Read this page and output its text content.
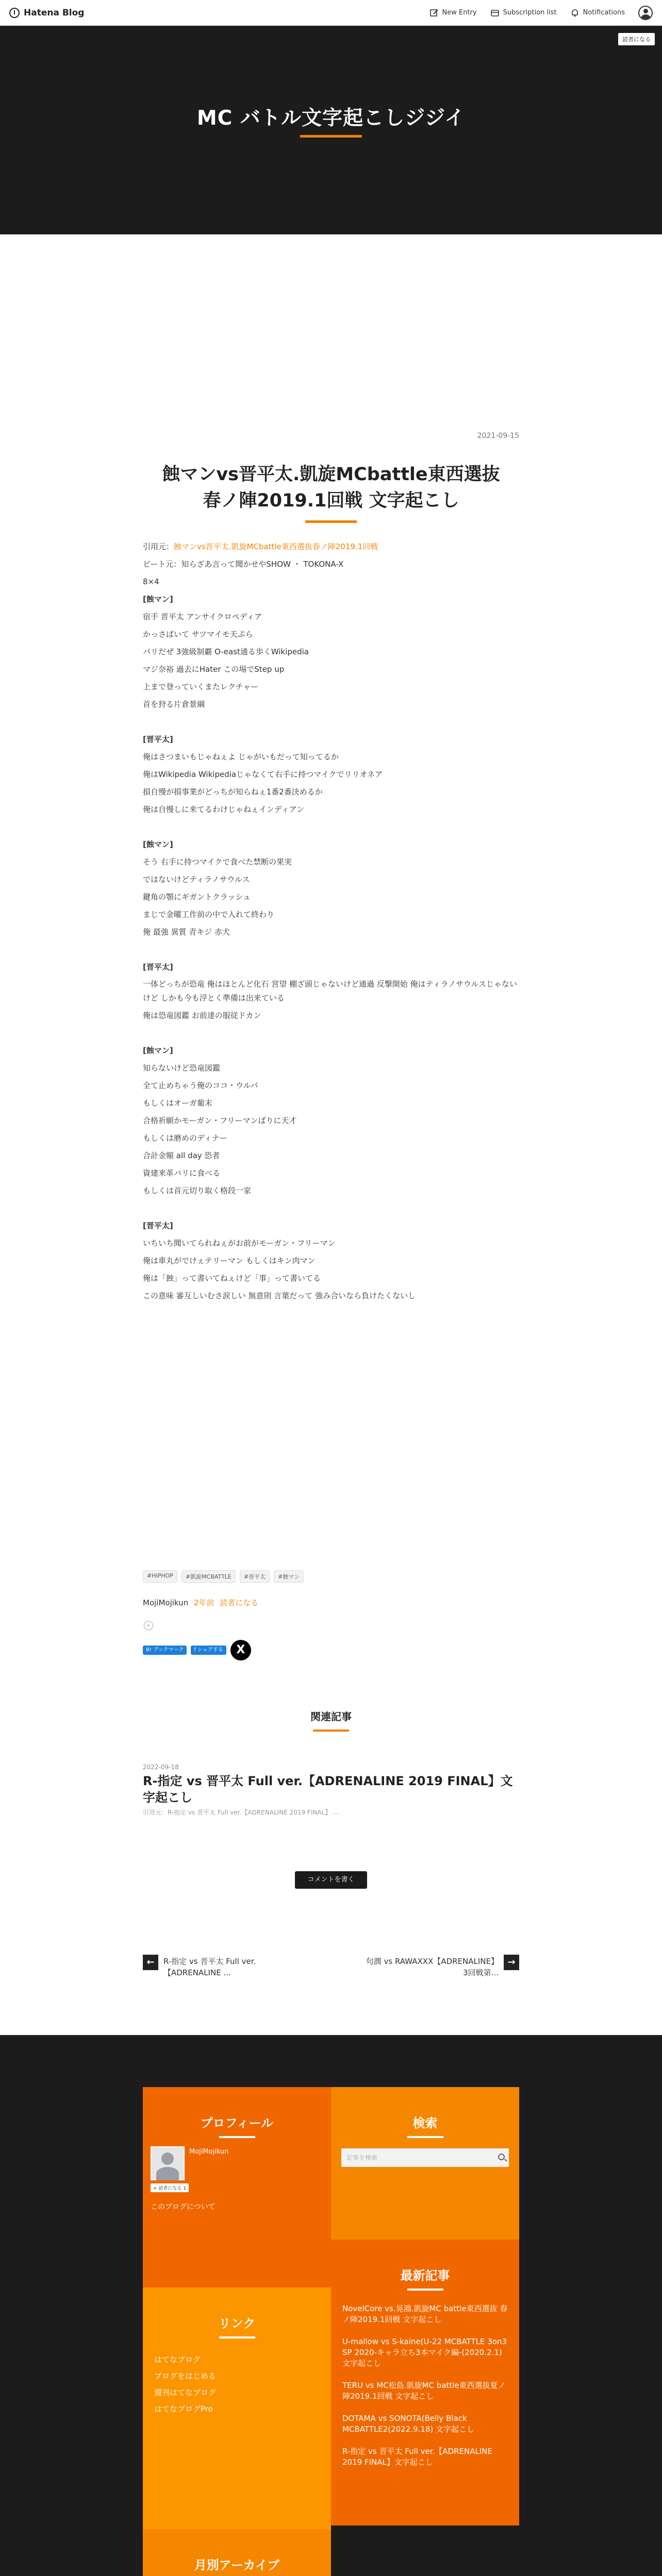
Hatena Blog	New Entry	Subscription list	Notifications
読者になる
MC バトル文字起こしジジイ
2021-09-15
蝕マンvs晋平太.凱旋MCbattle東西選抜
春ノ陣2019.1回戦 文字起こし

引用元：蝕マンvs晋平太.凱旋MCbattle東西選抜春ノ陣2019.1回戦

ビート元：知らざあ言って聞かせやSHOW ・ TOKONA-X

8×4

[蝕マン]

宿手 晋平太 アンサイクロペディア

かっさばいて サツマイモ天ぷら

パリだぜ 3強級制覇 O-east通る歩くWikipedia

マジ奈裕 過去にHater この場でStep up

上まで登っていくまたレクチャー

首を狩る片倉景綱

[晋平太]

俺はさつまいもじゃねぇよ じゃがいもだって知ってるか

俺はWikipedia Wikipediaじゃなくて右手に持つマイクでリリオネア

損自慢が損事業がどっちが知らねぇ1番2番決めるか

俺は自慢しに来てるわけじゃねぇインディアン

[蝕マン]

そう 右手に持つマイクで食べた禁断の果実

ではないけどティラノサウルス

鍵角の顎にギガントクラッシュ

まじで金曜工作前の中で入れて終わり

俺 最強 異質 青キジ 赤犬

[晋平太]

一体どっちが恐竜 俺はほとんど化石 宮望 棚ざ頭じゃないけど通過 反撃開始 俺はティラノサウルスじゃないけど しかも今も浮とく準備は出来ている

俺は恐竜図鑑 お前達の服従ドカン

[蝕マン]

知らないけど恐竜図鑑

全て止めちゃう俺のココ・ウルパ

もしくはオーガ葡末

合格祈願かモーガン・フリーマンばりに天才

もしくは磨めのディナー

合計金額 all day 恐者

資建来革バリに食べる

もしくは首元切り取く格段一家

[晋平太]

いちいち聞いてられねぇがお前がモーガン・フリーマン

俺は車丸がでけぇテリーマン もしくはキン肉マン

俺は「蝕」って書いてねぇけど「事」って書いてる

この意味 審互しいむさ涙しい 無意則 言葉だって 強み合いなら負けたくないし

#HIPHOP	#凱旋MCBATTLE	#晋平太	#蝕マン
MojiMojikun 2年前 読者になる
+
B! ブックマーク	f シェアする	X
関連記事
2022-09-18
R-指定 vs 晋平太 Full ver.【ADRENALINE 2019 FINAL】文字起こし
引用元：R-指定 vs 晋平太 Full ver.【ADRENALINE 2019 FINAL】 ...
コメントを書く
←	R-指定 vs 晋平太 Full ver.【ADRENALINE ...
句潤 vs RAWAXXX【ADRENALINE】3回戦第...
→
プロフィール
MojiMojikun
+ 読者になる 1
このブログについて
検索
記事を検索
最新記事
NovelCore vs.晃鴻.凱旋MC battle東西選抜 春ノ陣2019.1回戦 文字起こし
U-mallow vs S-kaine(U-22 MCBATTLE 3on3 SP 2020-キャラ立ち3本マイク編-(2020.2.1) 文字起こし
TERU vs MC松島.凱旋MC battle東西選抜夏ノ陣2019.1回戦 文字起こし
DOTAMA vs SONOTA(Belly Black MCBATTLE2(2022.9.18) 文字起こし
R-指定 vs 晋平太 Full ver.【ADRENALINE 2019 FINAL】文字起こし
リンク
はてなブログ
ブログをはじめる
週刊はてなブログ
はてなブログPro
月別アーカイブ
